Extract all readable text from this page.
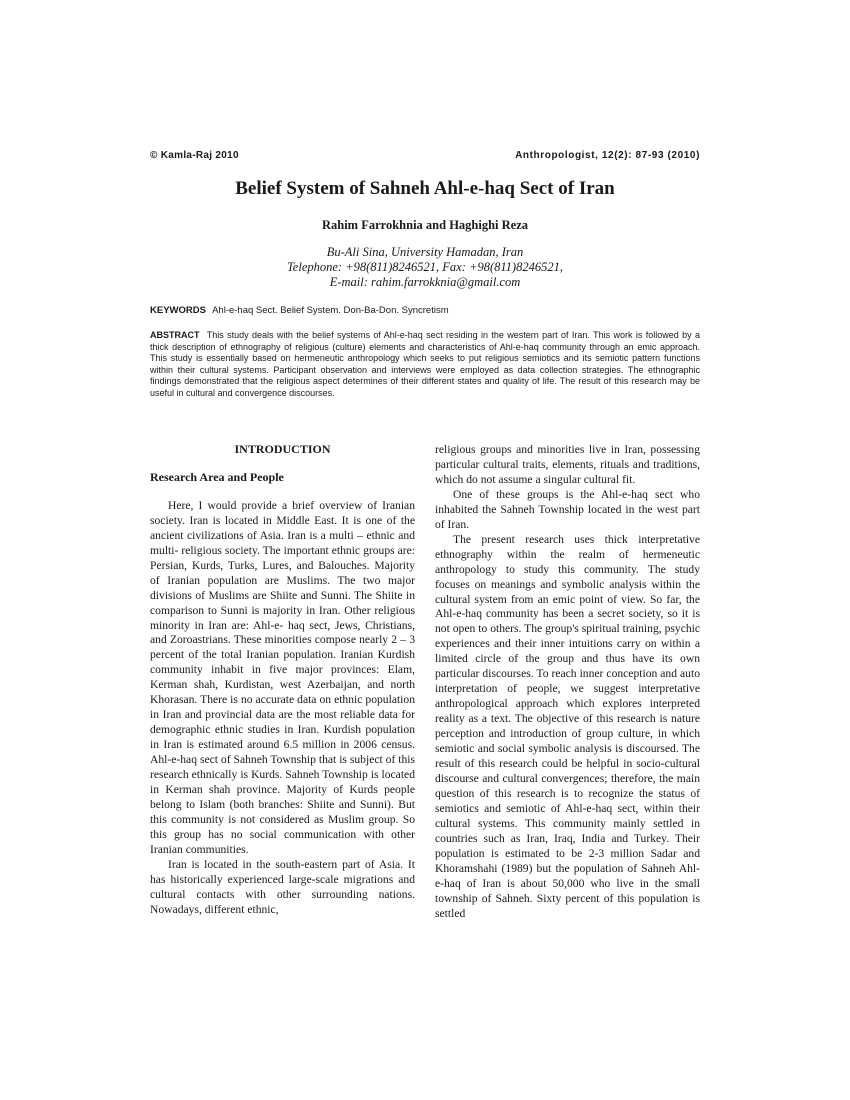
© Kamla-Raj 2010	Anthropologist, 12(2): 87-93 (2010)
Belief System of Sahneh Ahl-e-haq Sect of Iran
Rahim Farrokhnia and Haghighi Reza
Bu-Ali Sina, University Hamadan, Iran
Telephone: +98(811)8246521, Fax: +98(811)8246521,
E-mail: rahim.farrokknia@gmail.com
KEYWORDS Ahl-e-haq Sect. Belief System. Don-Ba-Don. Syncretism
ABSTRACT This study deals with the belief systems of Ahl-e-haq sect residing in the western part of Iran. This work is followed by a thick description of ethnography of religious (culture) elements and characteristics of Ahl-e-haq community through an emic approach. This study is essentially based on hermeneutic anthropology which seeks to put religious semiotics and its semiotic pattern functions within their cultural systems. Participant observation and interviews were employed as data collection strategies. The ethnographic findings demonstrated that the religious aspect determines of their different states and quality of life. The result of this research may be useful in cultural and convergence discourses.
INTRODUCTION
Research Area and People

Here, I would provide a brief overview of Iranian society. Iran is located in Middle East. It is one of the ancient civilizations of Asia. Iran is a multi – ethnic and multi- religious society. The important ethnic groups are: Persian, Kurds, Turks, Lures, and Balouches. Majority of Iranian population are Muslims. The two major divisions of Muslims are Shiite and Sunni. The Shiite in comparison to Sunni is majority in Iran. Other religious minority in Iran are: Ahl-e- haq sect, Jews, Christians, and Zoroastrians. These minorities compose nearly 2 – 3 percent of the total Iranian population. Iranian Kurdish community inhabit in five major provinces: Elam, Kerman shah, Kurdistan, west Azerbaijan, and north Khorasan. There is no accurate data on ethnic population in Iran and provincial data are the most reliable data for demographic ethnic studies in Iran. Kurdish population in Iran is estimated around 6.5 million in 2006 census. Ahl-e-haq sect of Sahneh Township that is subject of this research ethnically is Kurds. Sahneh Township is located in Kerman shah province. Majority of Kurds people belong to Islam (both branches: Shiite and Sunni). But this community is not considered as Muslim group. So this group has no social communication with other Iranian communities.

Iran is located in the south-eastern part of Asia. It has historically experienced large-scale migrations and cultural contacts with other surrounding nations. Nowadays, different ethnic,

religious groups and minorities live in Iran, possessing particular cultural traits, elements, rituals and traditions, which do not assume a singular cultural fit.

One of these groups is the Ahl-e-haq sect who inhabited the Sahneh Township located in the west part of Iran.

The present research uses thick interpretative ethnography within the realm of hermeneutic anthropology to study this community. The study focuses on meanings and symbolic analysis within the cultural system from an emic point of view. So far, the Ahl-e-haq community has been a secret society, so it is not open to others. The group's spiritual training, psychic experiences and their inner intuitions carry on within a limited circle of the group and thus have its own particular discourses. To reach inner conception and auto interpretation of people, we suggest interpretative anthropological approach which explores interpreted reality as a text. The objective of this research is nature perception and introduction of group culture, in which semiotic and social symbolic analysis is discoursed. The result of this research could be helpful in socio-cultural discourse and cultural convergences; therefore, the main question of this research is to recognize the status of semiotics and semiotic of Ahl-e-haq sect, within their cultural systems. This community mainly settled in countries such as Iran, Iraq, India and Turkey. Their population is estimated to be 2-3 million Sadar and Khoramshahi (1989) but the population of Sahneh Ahl-e-haq of Iran is about 50,000 who live in the small township of Sahneh. Sixty percent of this population is settled
